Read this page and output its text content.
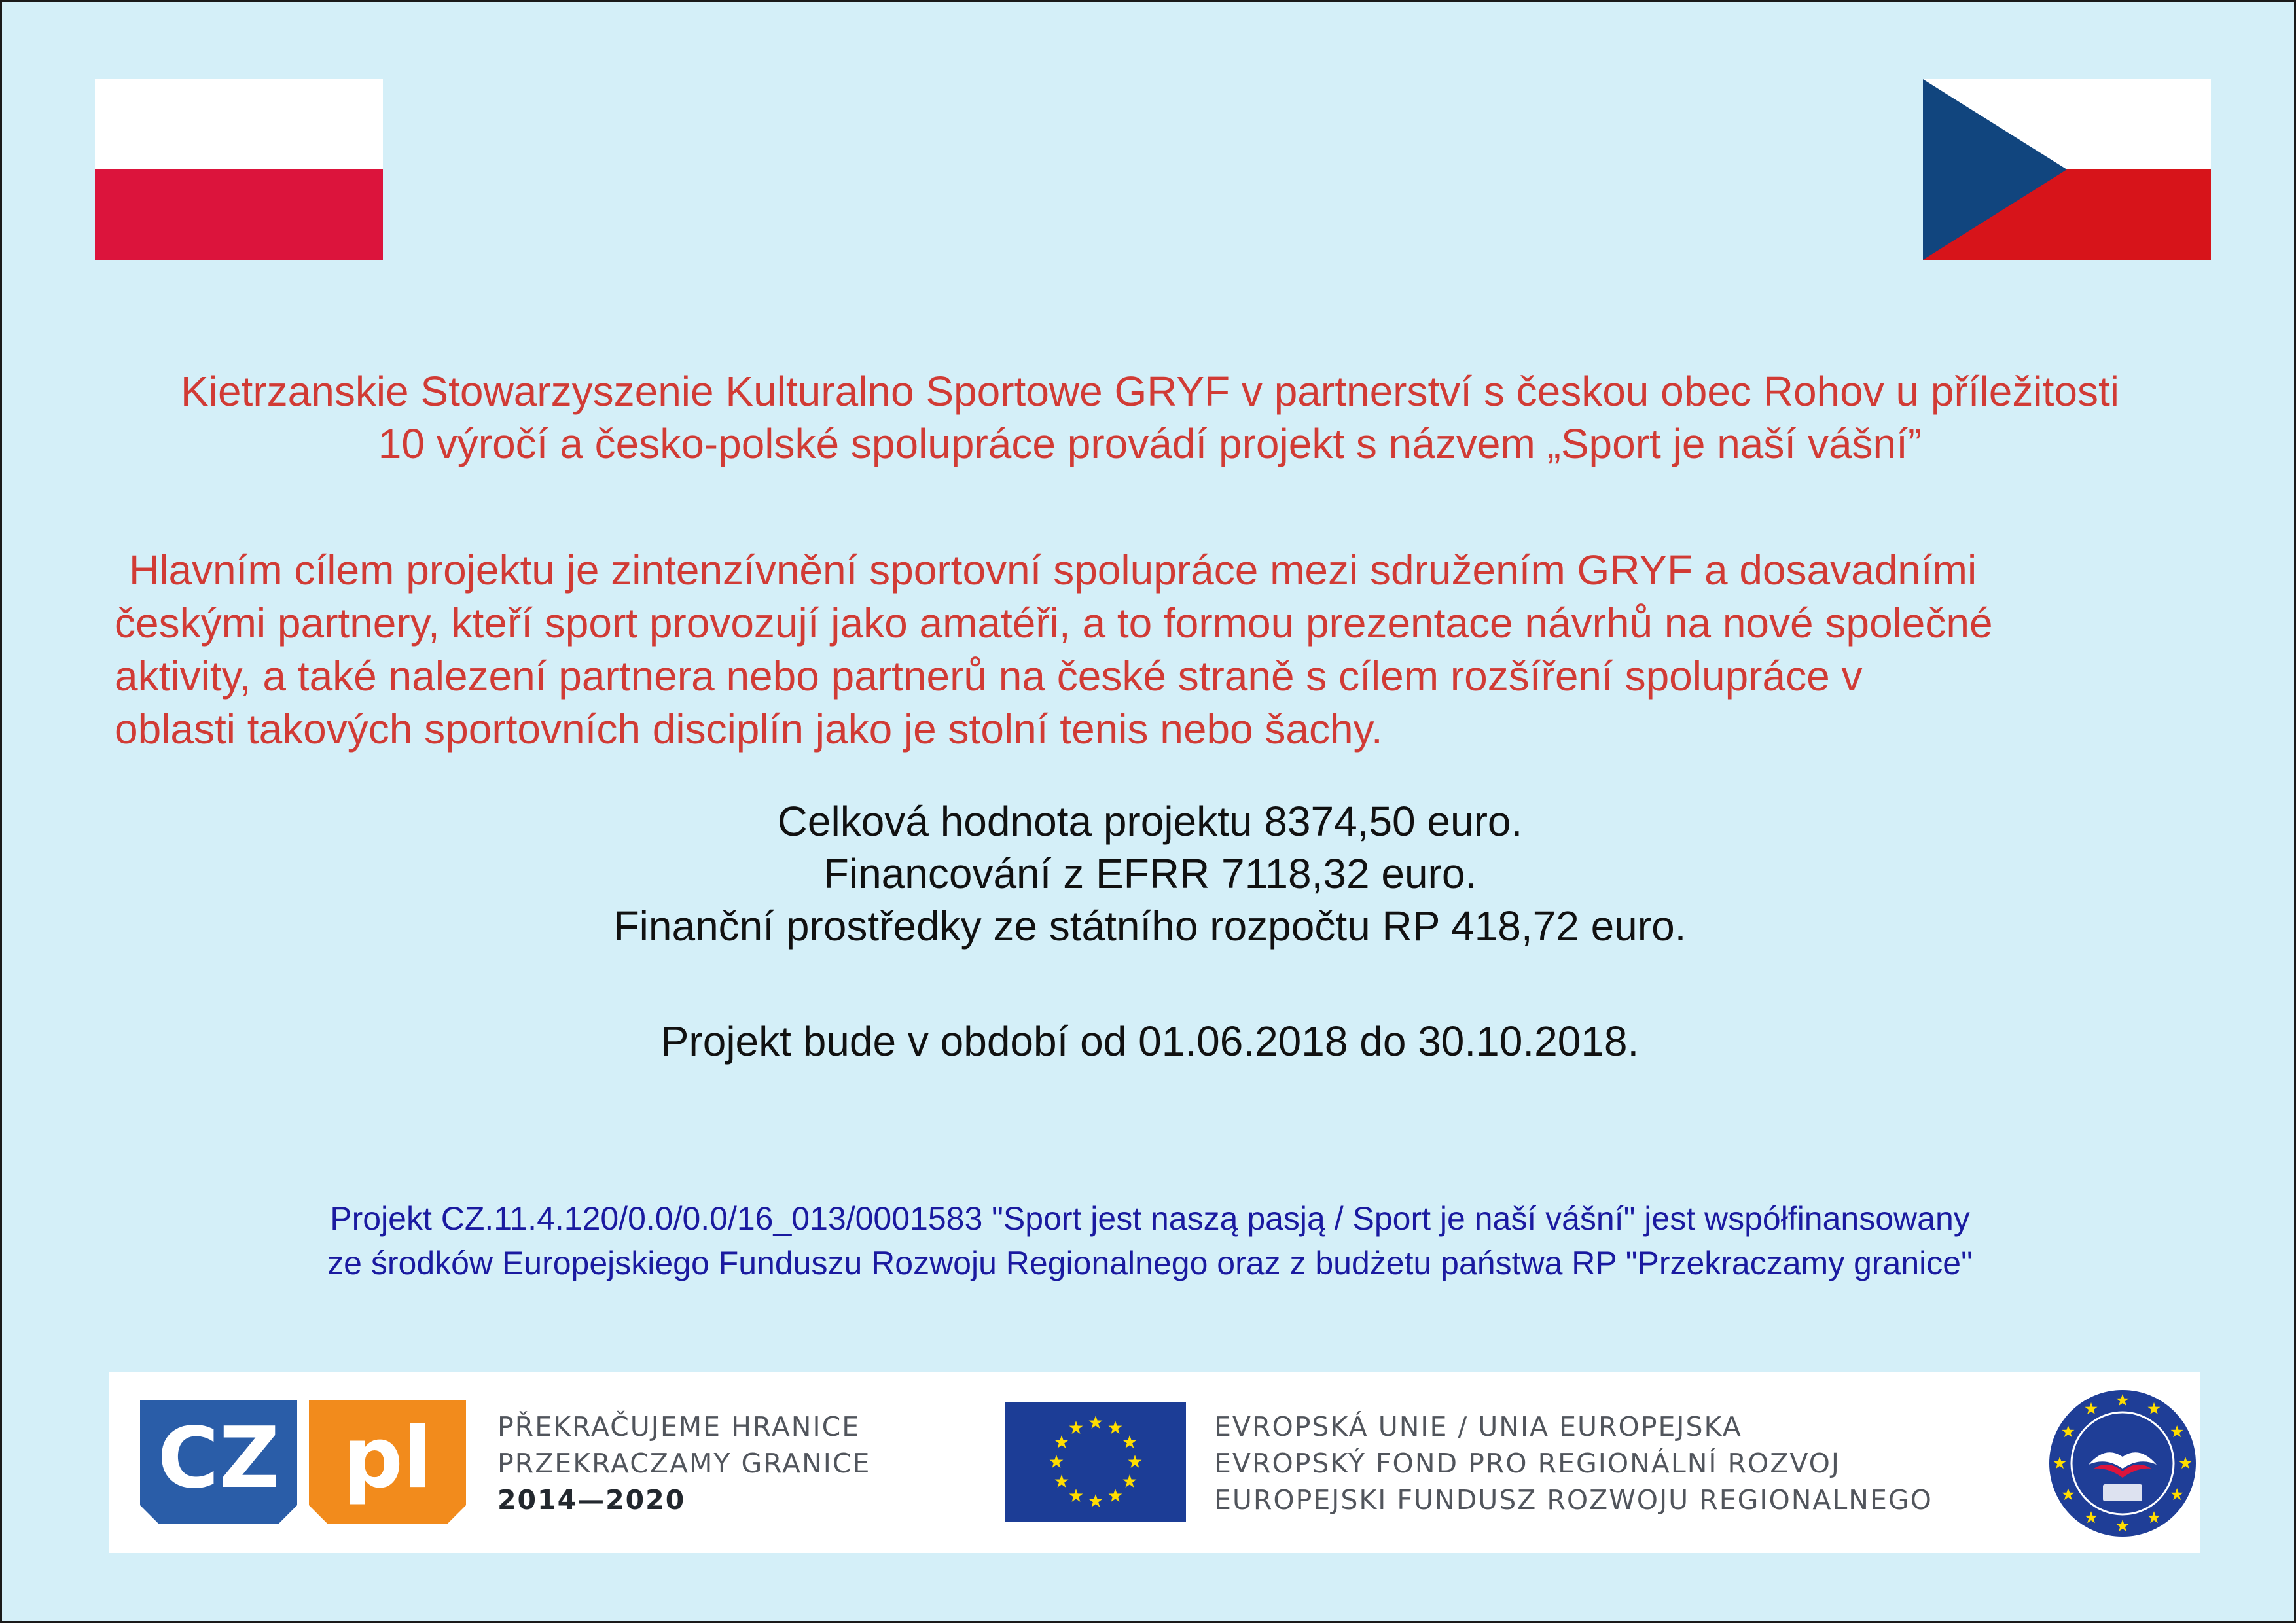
Kietrzanskie Stowarzyszenie Kulturalno Sportowe GRYF v partnerství s českou obec Rohov u příležitosti
10 výročí a česko-polské spolupráce provádí projekt s názvem „Sport je naší vášní”
Hlavním cílem projektu je zintenzívnění sportovní spolupráce mezi sdružením GRYF a dosavadními
českými partnery, kteří sport provozují jako amatéři, a to formou prezentace návrhů na nové společné
aktivity, a také nalezení partnera nebo partnerů na české straně s cílem rozšíření spolupráce v
oblasti takových sportovních disciplín jako je stolní tenis nebo šachy.
Celková hodnota projektu 8374,50 euro.
Financování z EFRR 7118,32 euro.
Finanční prostředky ze státního rozpočtu RP 418,72 euro.
Projekt bude v období od 01.06.2018 do 30.10.2018.
Projekt CZ.11.4.120/0.0/0.0/16_013/0001583 "Sport jest naszą pasją / Sport je naší vášní" jest współfinansowany
ze środków Europejskiego Funduszu Rozwoju Regionalnego oraz z budżetu państwa RP "Przekraczamy granice"
CZ pl PŘEKRAČUJEME HRANICE
PRZEKRACZAMY GRANICE
2014—2020
EVROPSKÁ UNIE / UNIA EUROPEJSKA
EVROPSKÝ FOND PRO REGIONÁLNÍ ROZVOJ
EUROPEJSKI FUNDUSZ ROZWOJU REGIONALNEGO
